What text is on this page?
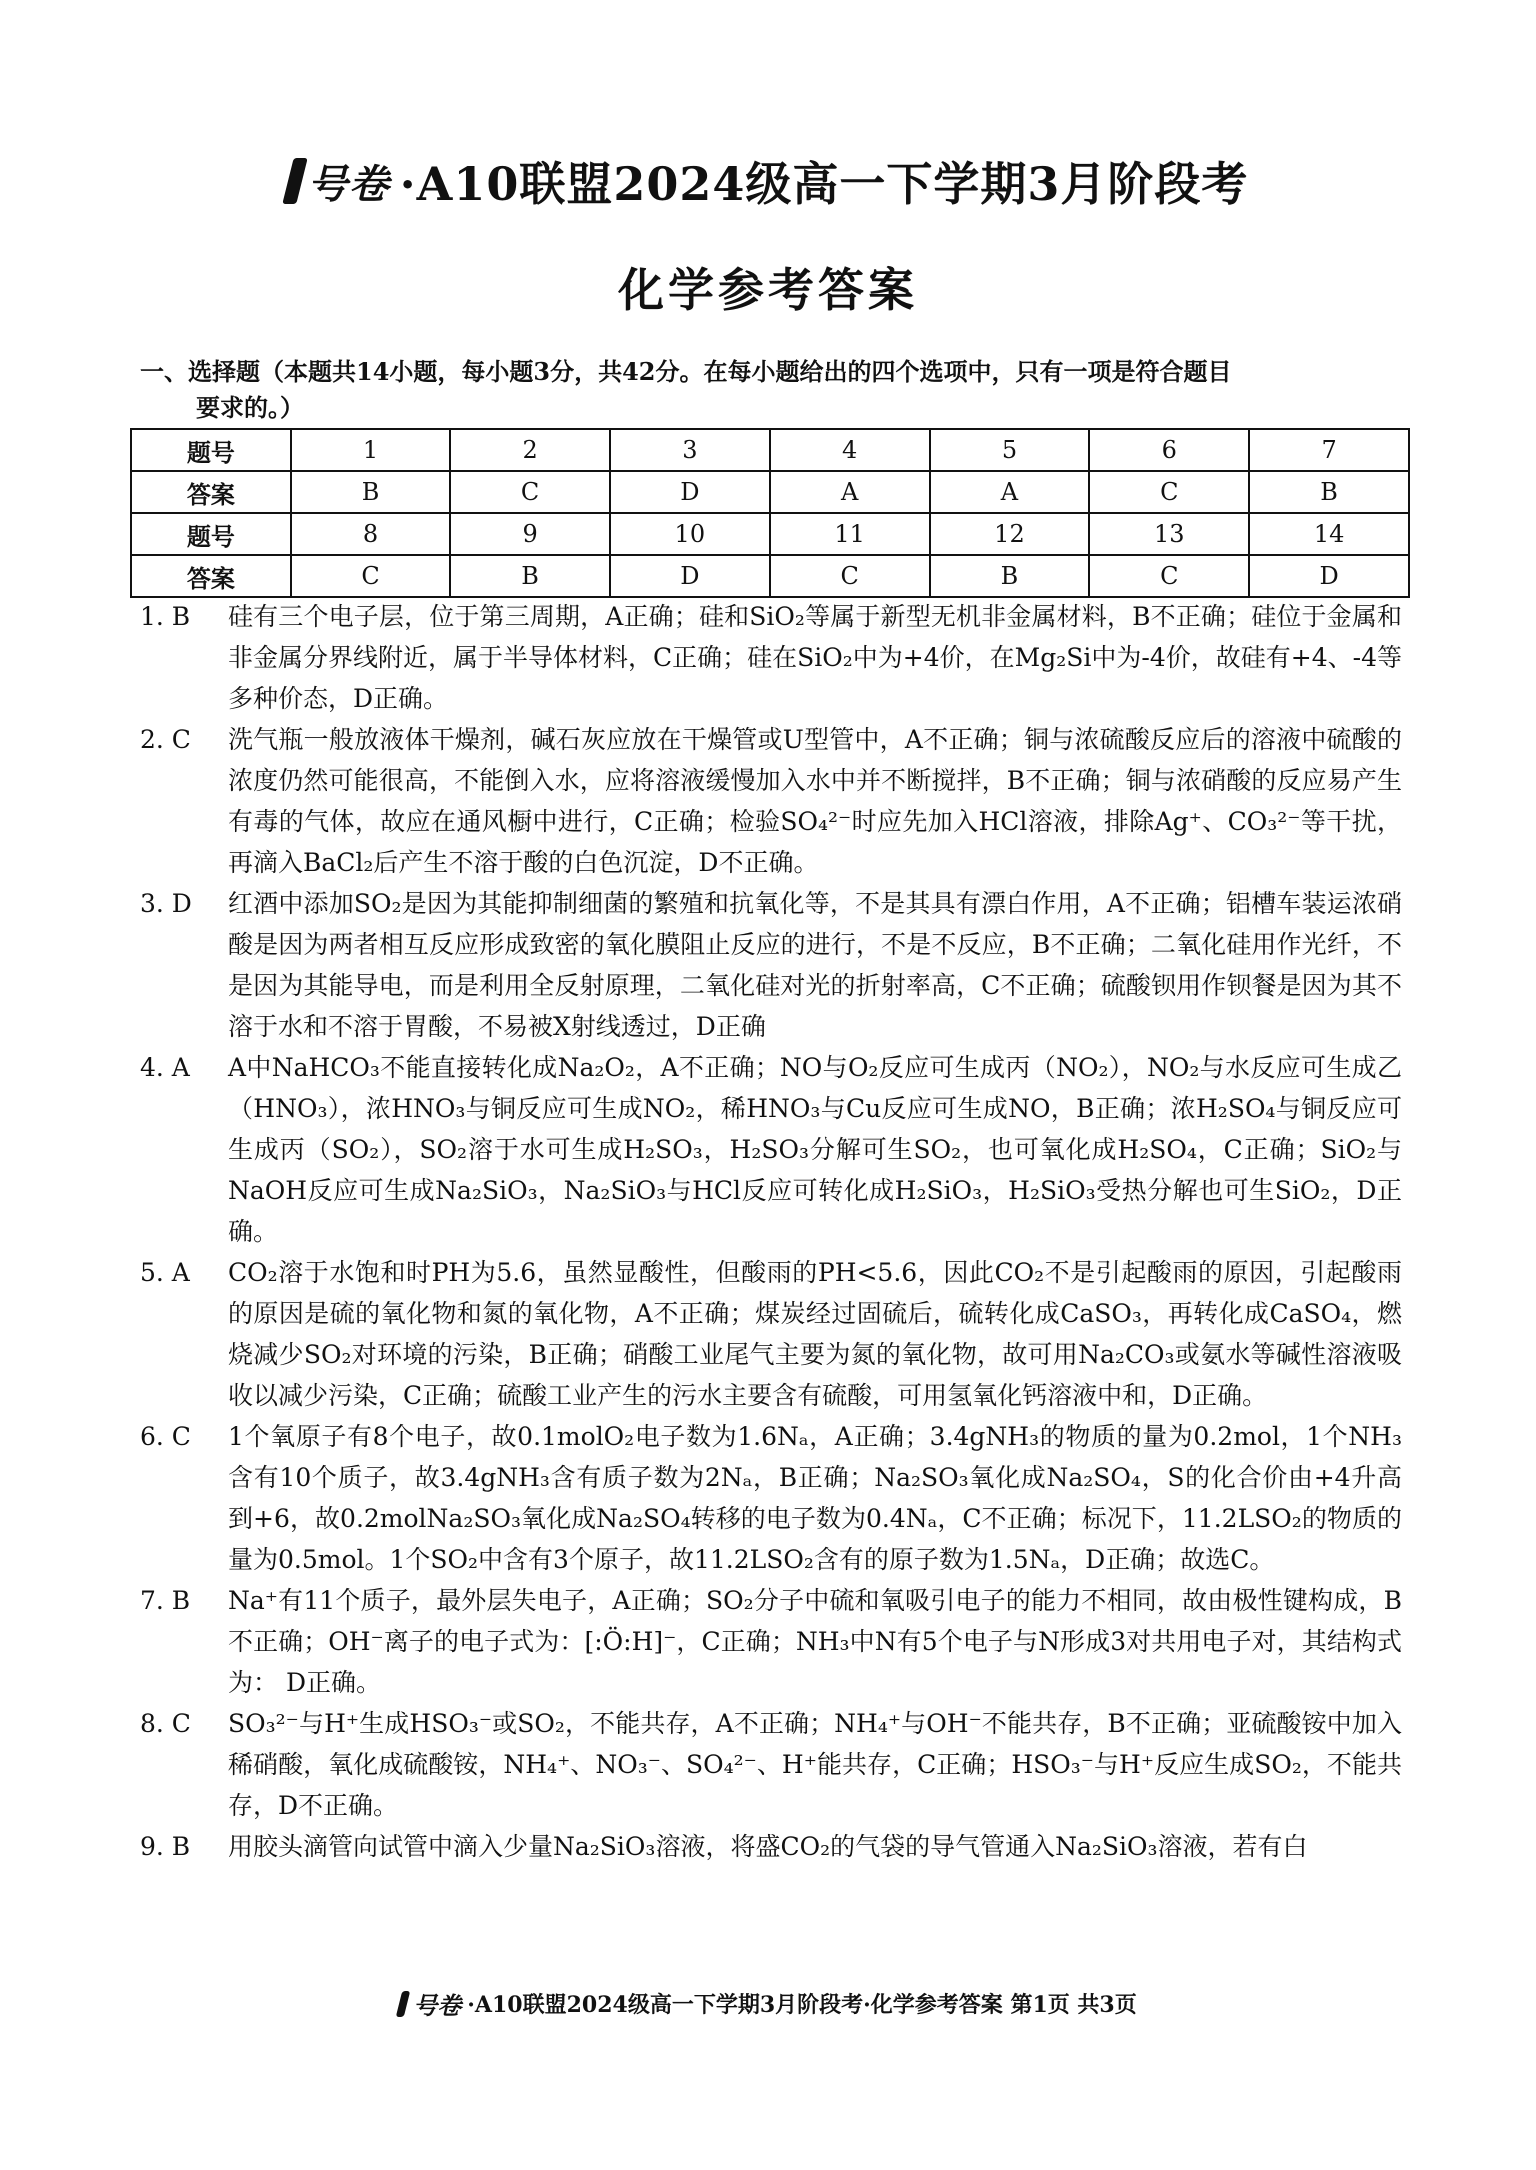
号卷 ·A10联盟2024级高一下学期3月阶段考
化学参考答案
一、选择题（本题共14小题，每小题3分，共42分。在每小题给出的四个选项中，只有一项是符合题目
要求的。）
题号	1	2	3	4	5	6	7
答案	B	C	D	A	A	C	B
题号	8	9	10	11	12	13	14
答案	C	B	D	C	B	C	D
1. B	硅有三个电子层，位于第三周期，A正确；硅和SiO₂等属于新型无机非金属材料，B不正确；硅位于金属和非金属分界线附近，属于半导体材料，C正确；硅在SiO₂中为+4价，在Mg₂Si中为-4价，故硅有+4、-4等多种价态，D正确。
2. C	洗气瓶一般放液体干燥剂，碱石灰应放在干燥管或U型管中，A不正确；铜与浓硫酸反应后的溶液中硫酸的浓度仍然可能很高，不能倒入水，应将溶液缓慢加入水中并不断搅拌，B不正确；铜与浓硝酸的反应易产生有毒的气体，故应在通风橱中进行，C正确；检验SO₄²⁻时应先加入HCl溶液，排除Ag⁺、CO₃²⁻等干扰，再滴入BaCl₂后产生不溶于酸的白色沉淀，D不正确。
3. D	红酒中添加SO₂是因为其能抑制细菌的繁殖和抗氧化等，不是其具有漂白作用，A不正确；铝槽车装运浓硝酸是因为两者相互反应形成致密的氧化膜阻止反应的进行，不是不反应，B不正确；二氧化硅用作光纤，不是因为其能导电，而是利用全反射原理，二氧化硅对光的折射率高，C不正确；硫酸钡用作钡餐是因为其不溶于水和不溶于胃酸，不易被X射线透过，D正确
4. A	A中NaHCO₃不能直接转化成Na₂O₂，A不正确；NO与O₂反应可生成丙（NO₂），NO₂与水反应可生成乙（HNO₃），浓HNO₃与铜反应可生成NO₂，稀HNO₃与Cu反应可生成NO，B正确；浓H₂SO₄与铜反应可生成丙（SO₂），SO₂溶于水可生成H₂SO₃，H₂SO₃分解可生SO₂，也可氧化成H₂SO₄，C正确；SiO₂与NaOH反应可生成Na₂SiO₃，Na₂SiO₃与HCl反应可转化成H₂SiO₃，H₂SiO₃受热分解也可生SiO₂，D正确。
5. A	CO₂溶于水饱和时PH为5.6，虽然显酸性，但酸雨的PH<5.6，因此CO₂不是引起酸雨的原因，引起酸雨的原因是硫的氧化物和氮的氧化物，A不正确；煤炭经过固硫后，硫转化成CaSO₃，再转化成CaSO₄，燃烧减少SO₂对环境的污染，B正确；硝酸工业尾气主要为氮的氧化物，故可用Na₂CO₃或氨水等碱性溶液吸收以减少污染，C正确；硫酸工业产生的污水主要含有硫酸，可用氢氧化钙溶液中和，D正确。
6. C	1个氧原子有8个电子，故0.1molO₂电子数为1.6Nₐ，A正确；3.4gNH₃的物质的量为0.2mol，1个NH₃含有10个质子，故3.4gNH₃含有质子数为2Nₐ，B正确；Na₂SO₃氧化成Na₂SO₄，S的化合价由+4升高到+6，故0.2molNa₂SO₃氧化成Na₂SO₄转移的电子数为0.4Nₐ，C不正确；标况下，11.2LSO₂的物质的量为0.5mol。1个SO₂中含有3个原子，故11.2LSO₂含有的原子数为1.5Nₐ，D正确；故选C。
7. B	Na⁺有11个质子，最外层失电子，A正确；SO₂分子中硫和氧吸引电子的能力不相同，故由极性键构成，B不正确；OH⁻离子的电子式为：[:Ö:H]⁻，C正确；NH₃中N有5个电子与N形成3对共用电子对，其结构式为： D正确。
8. C	SO₃²⁻与H⁺生成HSO₃⁻或SO₂，不能共存，A不正确；NH₄⁺与OH⁻不能共存，B不正确；亚硫酸铵中加入稀硝酸，氧化成硫酸铵，NH₄⁺、NO₃⁻、SO₄²⁻、H⁺能共存，C正确；HSO₃⁻与H⁺反应生成SO₂，不能共存，D不正确。
9. B	用胶头滴管向试管中滴入少量Na₂SiO₃溶液，将盛CO₂的气袋的导气管通入Na₂SiO₃溶液，若有白
号卷 ·A10联盟2024级高一下学期3月阶段考·化学参考答案 第1页 共3页
